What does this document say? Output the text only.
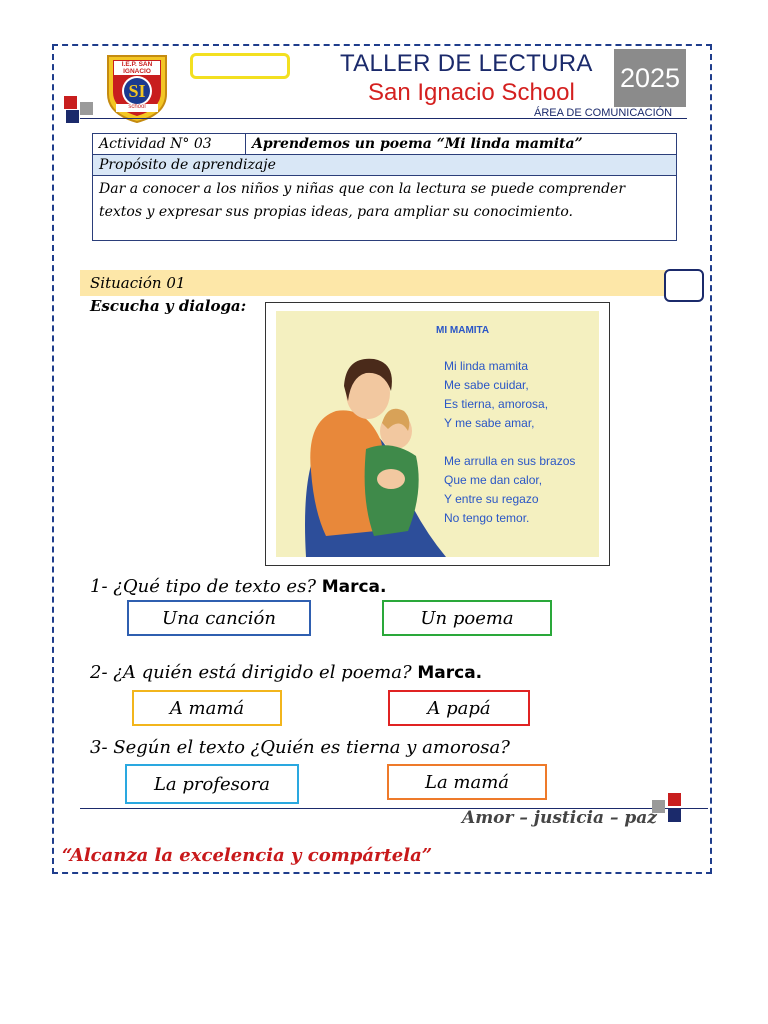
I.E.P. SAN IGNACIO
SI
school
TALLER DE LECTURA
San Ignacio School 2025
ÁREA DE COMUNICACIÓN
Actividad N° 03	Aprendemos un poema “Mi linda mamita”
Propósito de aprendizaje
Dar a conocer a los niños y niñas que con la lectura se puede comprender textos y expresar sus propias ideas, para ampliar su conocimiento.
Situación 01
Escucha y dialoga:
MI MAMITA
Mi linda mamita
Me sabe cuidar,
Es tierna, amorosa,
Y me sabe amar,
Me arrulla en sus brazos
Que me dan calor,
Y entre su regazo
No tengo temor.
1- ¿Qué tipo de texto es? Marca.
Una canción	Un poema
2- ¿A quién está dirigido el poema? Marca.
A mamá	A papá
3- Según el texto ¿Quién es tierna y amorosa?
La profesora	La mamá
Amor – justicia – paz
“Alcanza la excelencia y compártela”
